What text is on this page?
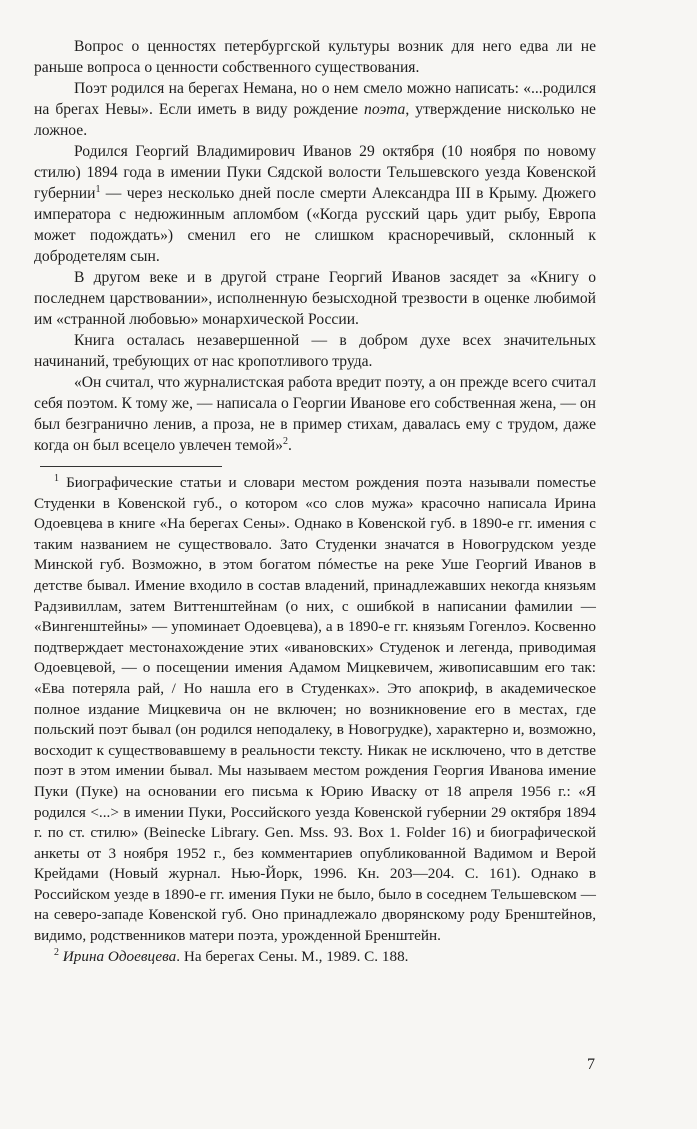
Вопрос о ценностях петербургской культуры возник для него едва ли не раньше вопроса о ценности собственного существования.

Поэт родился на берегах Немана, но о нем смело можно написать: «...родился на брегах Невы». Если иметь в виду рождение поэта, утверждение нисколько не ложное.

Родился Георгий Владимирович Иванов 29 октября (10 ноября по новому стилю) 1894 года в имении Пуки Сядской волости Тельшевского уезда Ковенской губернии$^1$ — через несколько дней после смерти Александра III в Крыму. Дюжего императора с недюжинным апломбом («Когда русский царь удит рыбу, Европа может подождать») сменил его не слишком красноречивый, склонный к добродетелям сын.

В другом веке и в другой стране Георгий Иванов засядет за «Книгу о последнем царствовании», исполненную безысходной трезвости в оценке любимой им «странной любовью» монархической России.

Книга осталась незавершенной — в добром духе всех значительных начинаний, требующих от нас кропотливого труда.

«Он считал, что журналистская работа вредит поэту, а он прежде всего считал себя поэтом. К тому же, — написала о Георгии Иванове его собственная жена, — он был безгранично ленив, а проза, не в пример стихам, давалась ему с трудом, даже когда он был всецело увлечен темой»$^2$.

$^1$ Биографические статьи и словари местом рождения поэта называли поместье Студенки в Ковенской губ., о котором «со слов мужа» красочно написала Ирина Одоевцева в книге «На берегах Сены». Однако в Ковенской губ. в 1890-е гг. имения с таким названием не существовало. Зато Студенки значатся в Новогрудском уезде Минской губ. Возможно, в этом богатом пóместье на реке Уше Георгий Иванов в детстве бывал. Имение входило в состав владений, принадлежавших некогда князьям Радзивиллам, затем Виттенштейнам (о них, с ошибкой в написании фамилии — «Вингенштейны» — упоминает Одоевцева), а в 1890-е гг. князьям Гогенлоэ. Косвенно подтверждает местонахождение этих «ивановских» Студенок и легенда, приводимая Одоевцевой, — о посещении имения Адамом Мицкевичем, живописавшим его так: «Ева потеряла рай, / Но нашла его в Студенках». Это апокриф, в академическое полное издание Мицкевича он не включен; но возникновение его в местах, где польский поэт бывал (он родился неподалеку, в Новогрудке), характерно и, возможно, восходит к существовавшему в реальности тексту. Никак не исключено, что в детстве поэт в этом имении бывал. Мы называем местом рождения Георгия Иванова имение Пуки (Пуке) на основании его письма к Юрию Иваску от 18 апреля 1956 г.: «Я родился <...> в имении Пуки, Российского уезда Ковенской губернии 29 октября 1894 г. по ст. стилю» (Beinecke Library. Gen. Mss. 93. Box 1. Folder 16) и биографической анкеты от 3 ноября 1952 г., без комментариев опубликованной Вадимом и Верой Крейдами (Новый журнал. Нью-Йорк, 1996. Кн. 203—204. С. 161). Однако в Российском уезде в 1890-е гг. имения Пуки не было, было в соседнем Тельшевском — на северо-западе Ковенской губ. Оно принадлежало дворянскому роду Бренштейнов, видимо, родственников матери поэта, урожденной Бренштейн.

$^2$ Ирина Одоевцева. На берегах Сены. М., 1989. С. 188.

7
